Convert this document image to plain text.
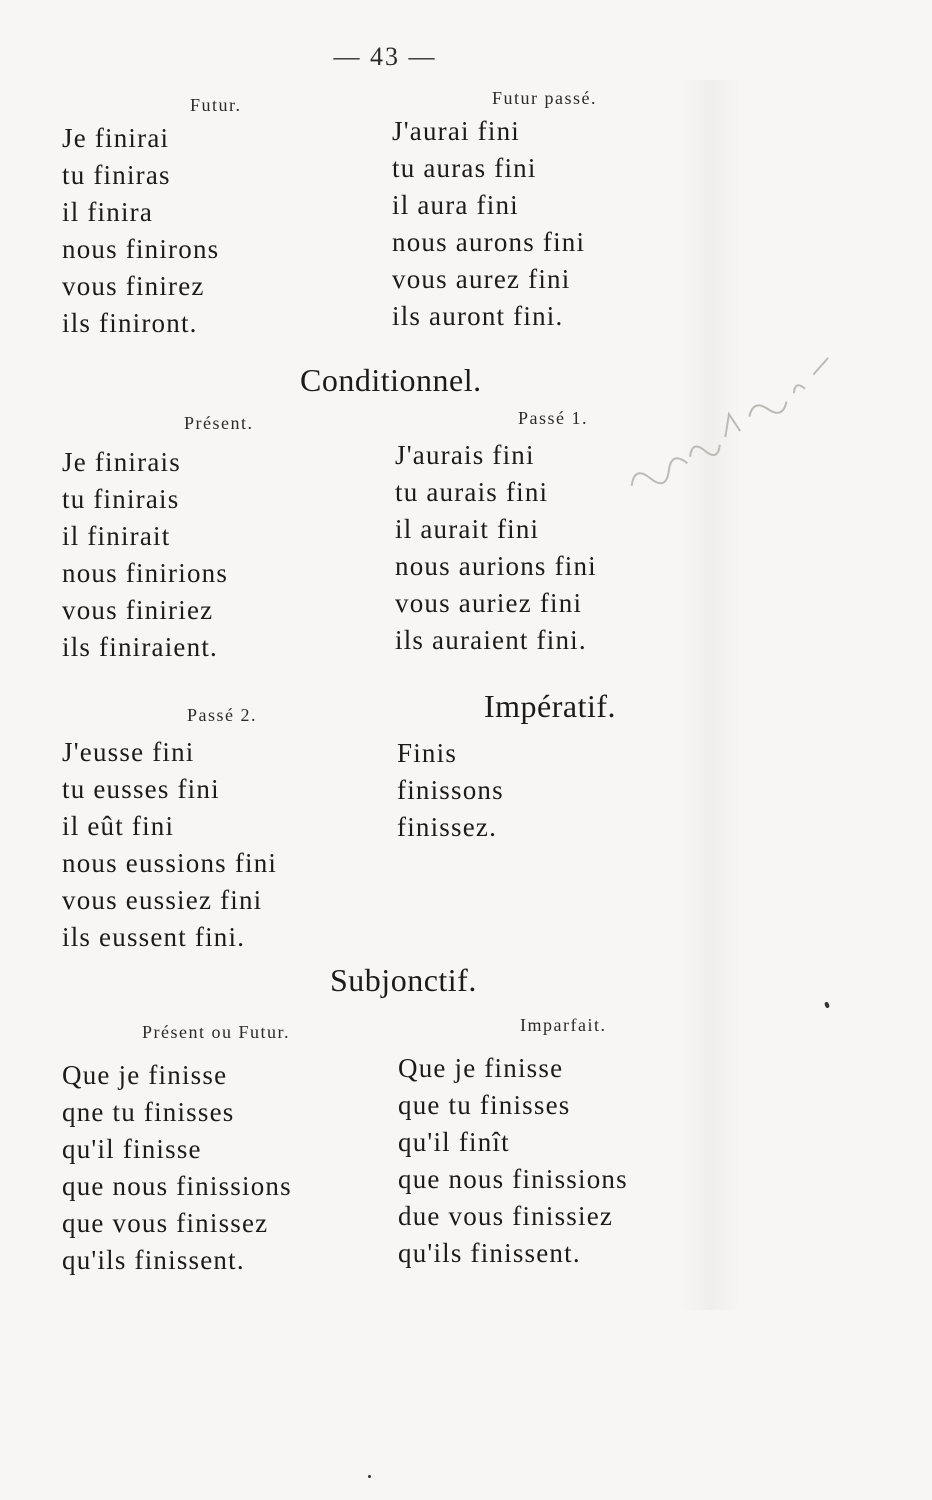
— 43 —
Futur.
Je finirai
tu finiras
il finira
nous finirons
vous finirez
ils finiront.
Futur passé.
J'aurai fini
tu auras fini
il aura fini
nous aurons fini
vous aurez fini
ils auront fini.
Conditionnel.
Présent.
Je finirais
tu finirais
il finirait
nous finirions
vous finiriez
ils finiraient.
Passé 1.
J'aurais fini
tu aurais fini
il aurait fini
nous aurions fini
vous auriez fini
ils auraient fini.
Passé 2.
J'eusse fini
tu eusses fini
il eût fini
nous eussions fini
vous eussiez fini
ils eussent fini.
Impératif.
Finis
finissons
finissez.
Subjonctif.
Présent ou Futur.
Que je finisse
qne tu finisses
qu'il finisse
que nous finissions
que vous finissez
qu'ils finissent.
Imparfait.
Que je finisse
que tu finisses
qu'il finît
que nous finissions
due vous finissiez
qu'ils finissent.
